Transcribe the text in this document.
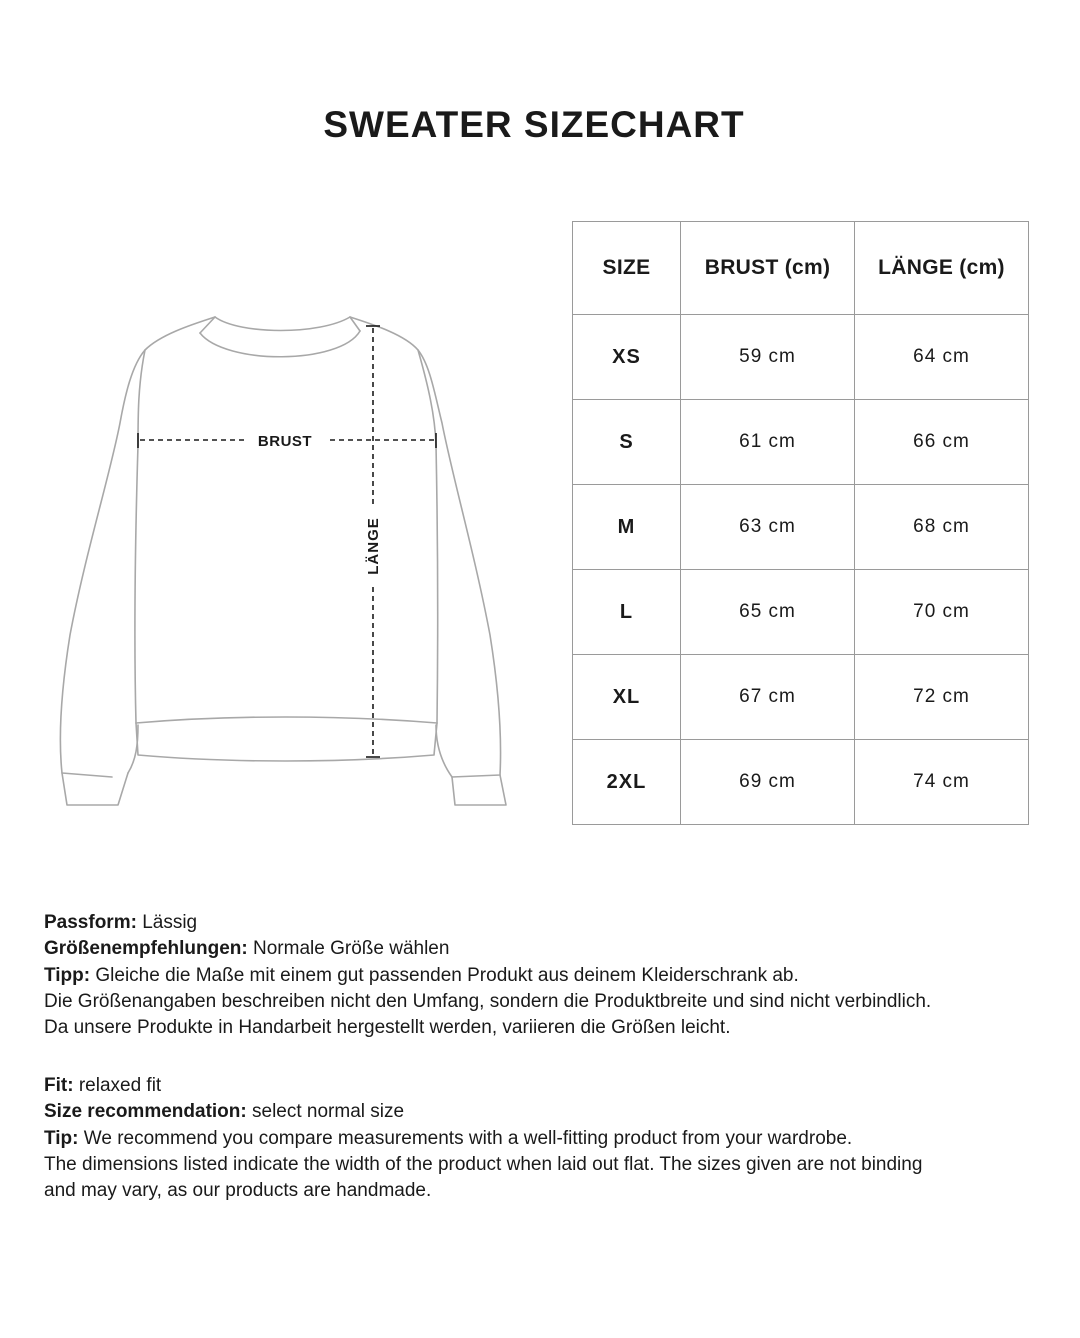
SWEATER SIZECHART
BRUST
LÄNGE
SIZE	BRUST (cm)	LÄNGE (cm)
XS	59 cm	64 cm
S	61 cm	66 cm
M	63 cm	68 cm
L	65 cm	70 cm
XL	67 cm	72 cm
2XL	69 cm	74 cm

Passform: Lässig

Größenempfehlungen: Normale Größe wählen

Tipp: Gleiche die Maße mit einem gut passenden Produkt aus deinem Kleiderschrank ab.

Die Größenangaben beschreiben nicht den Umfang, sondern die Produktbreite und sind nicht verbindlich.

Da unsere Produkte in Handarbeit hergestellt werden, variieren die Größen leicht.

Fit: relaxed fit

Size recommendation: select normal size

Tip: We recommend you compare measurements with a well-fitting product from your wardrobe.

The dimensions listed indicate the width of the product when laid out flat. The sizes given are not binding

and may vary, as our products are handmade.
